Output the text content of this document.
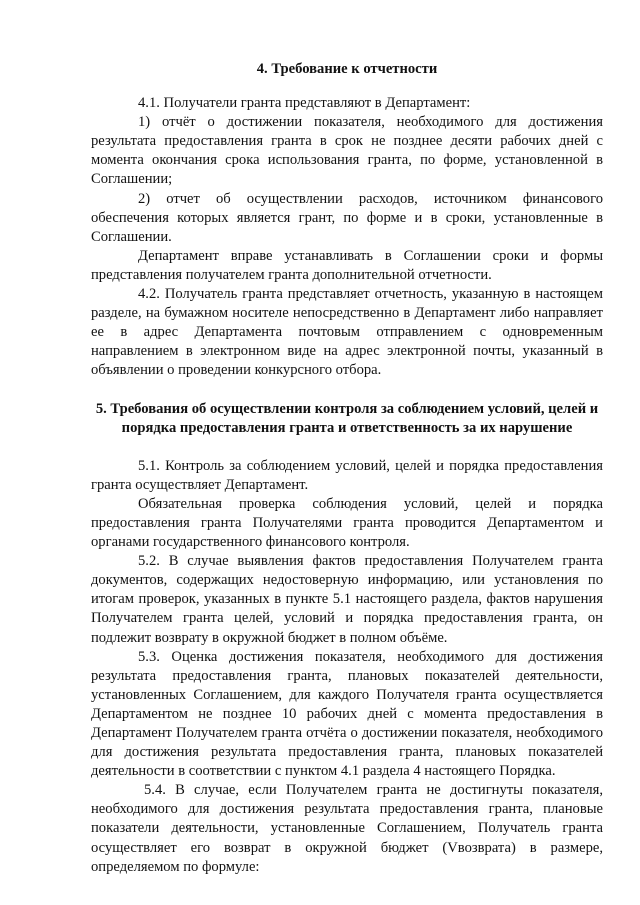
4. Требование к отчетности

4.1. Получатели гранта представляют в Департамент:

1) отчёт о достижении показателя, необходимого для достижения результата предоставления гранта в срок не позднее десяти рабочих дней с момента окончания срока использования гранта, по форме, установленной в Соглашении;

2) отчет об осуществлении расходов, источником финансового обеспечения которых является грант, по форме и в сроки, установленные в Соглашении.

Департамент вправе устанавливать в Соглашении сроки и формы представления получателем гранта дополнительной отчетности.

4.2. Получатель гранта представляет отчетность, указанную в настоящем разделе, на бумажном носителе непосредственно в Департамент либо направляет ее в адрес Департамента почтовым отправлением с одновременным направлением в электронном виде на адрес электронной почты, указанный в объявлении о проведении конкурсного отбора.

5. Требования об осуществлении контроля за соблюдением условий, целей и порядка предоставления гранта и ответственность за их нарушение

5.1. Контроль за соблюдением условий, целей и порядка предоставления гранта осуществляет Департамент.

Обязательная проверка соблюдения условий, целей и порядка предоставления гранта Получателями гранта проводится Департаментом и органами государственного финансового контроля.

5.2. В случае выявления фактов предоставления Получателем гранта документов, содержащих недостоверную информацию, или установления по итогам проверок, указанных в пункте 5.1 настоящего раздела, фактов нарушения Получателем гранта целей, условий и порядка предоставления гранта, он подлежит возврату в окружной бюджет в полном объёме.

5.3. Оценка достижения показателя, необходимого для достижения результата предоставления гранта, плановых показателей деятельности, установленных Соглашением, для каждого Получателя гранта осуществляется Департаментом не позднее 10 рабочих дней с момента предоставления в Департамент Получателем гранта отчёта о достижении показателя, необходимого для достижения результата предоставления гранта, плановых показателей деятельности в соответствии с пунктом 4.1 раздела 4 настоящего Порядка.

5.4. В случае, если Получателем гранта не достигнуты показателя, необходимого для достижения результата предоставления гранта, плановые показатели деятельности, установленные Соглашением, Получатель гранта осуществляет его возврат в окружной бюджет (Vвозврата) в размере, определяемом по формуле:
